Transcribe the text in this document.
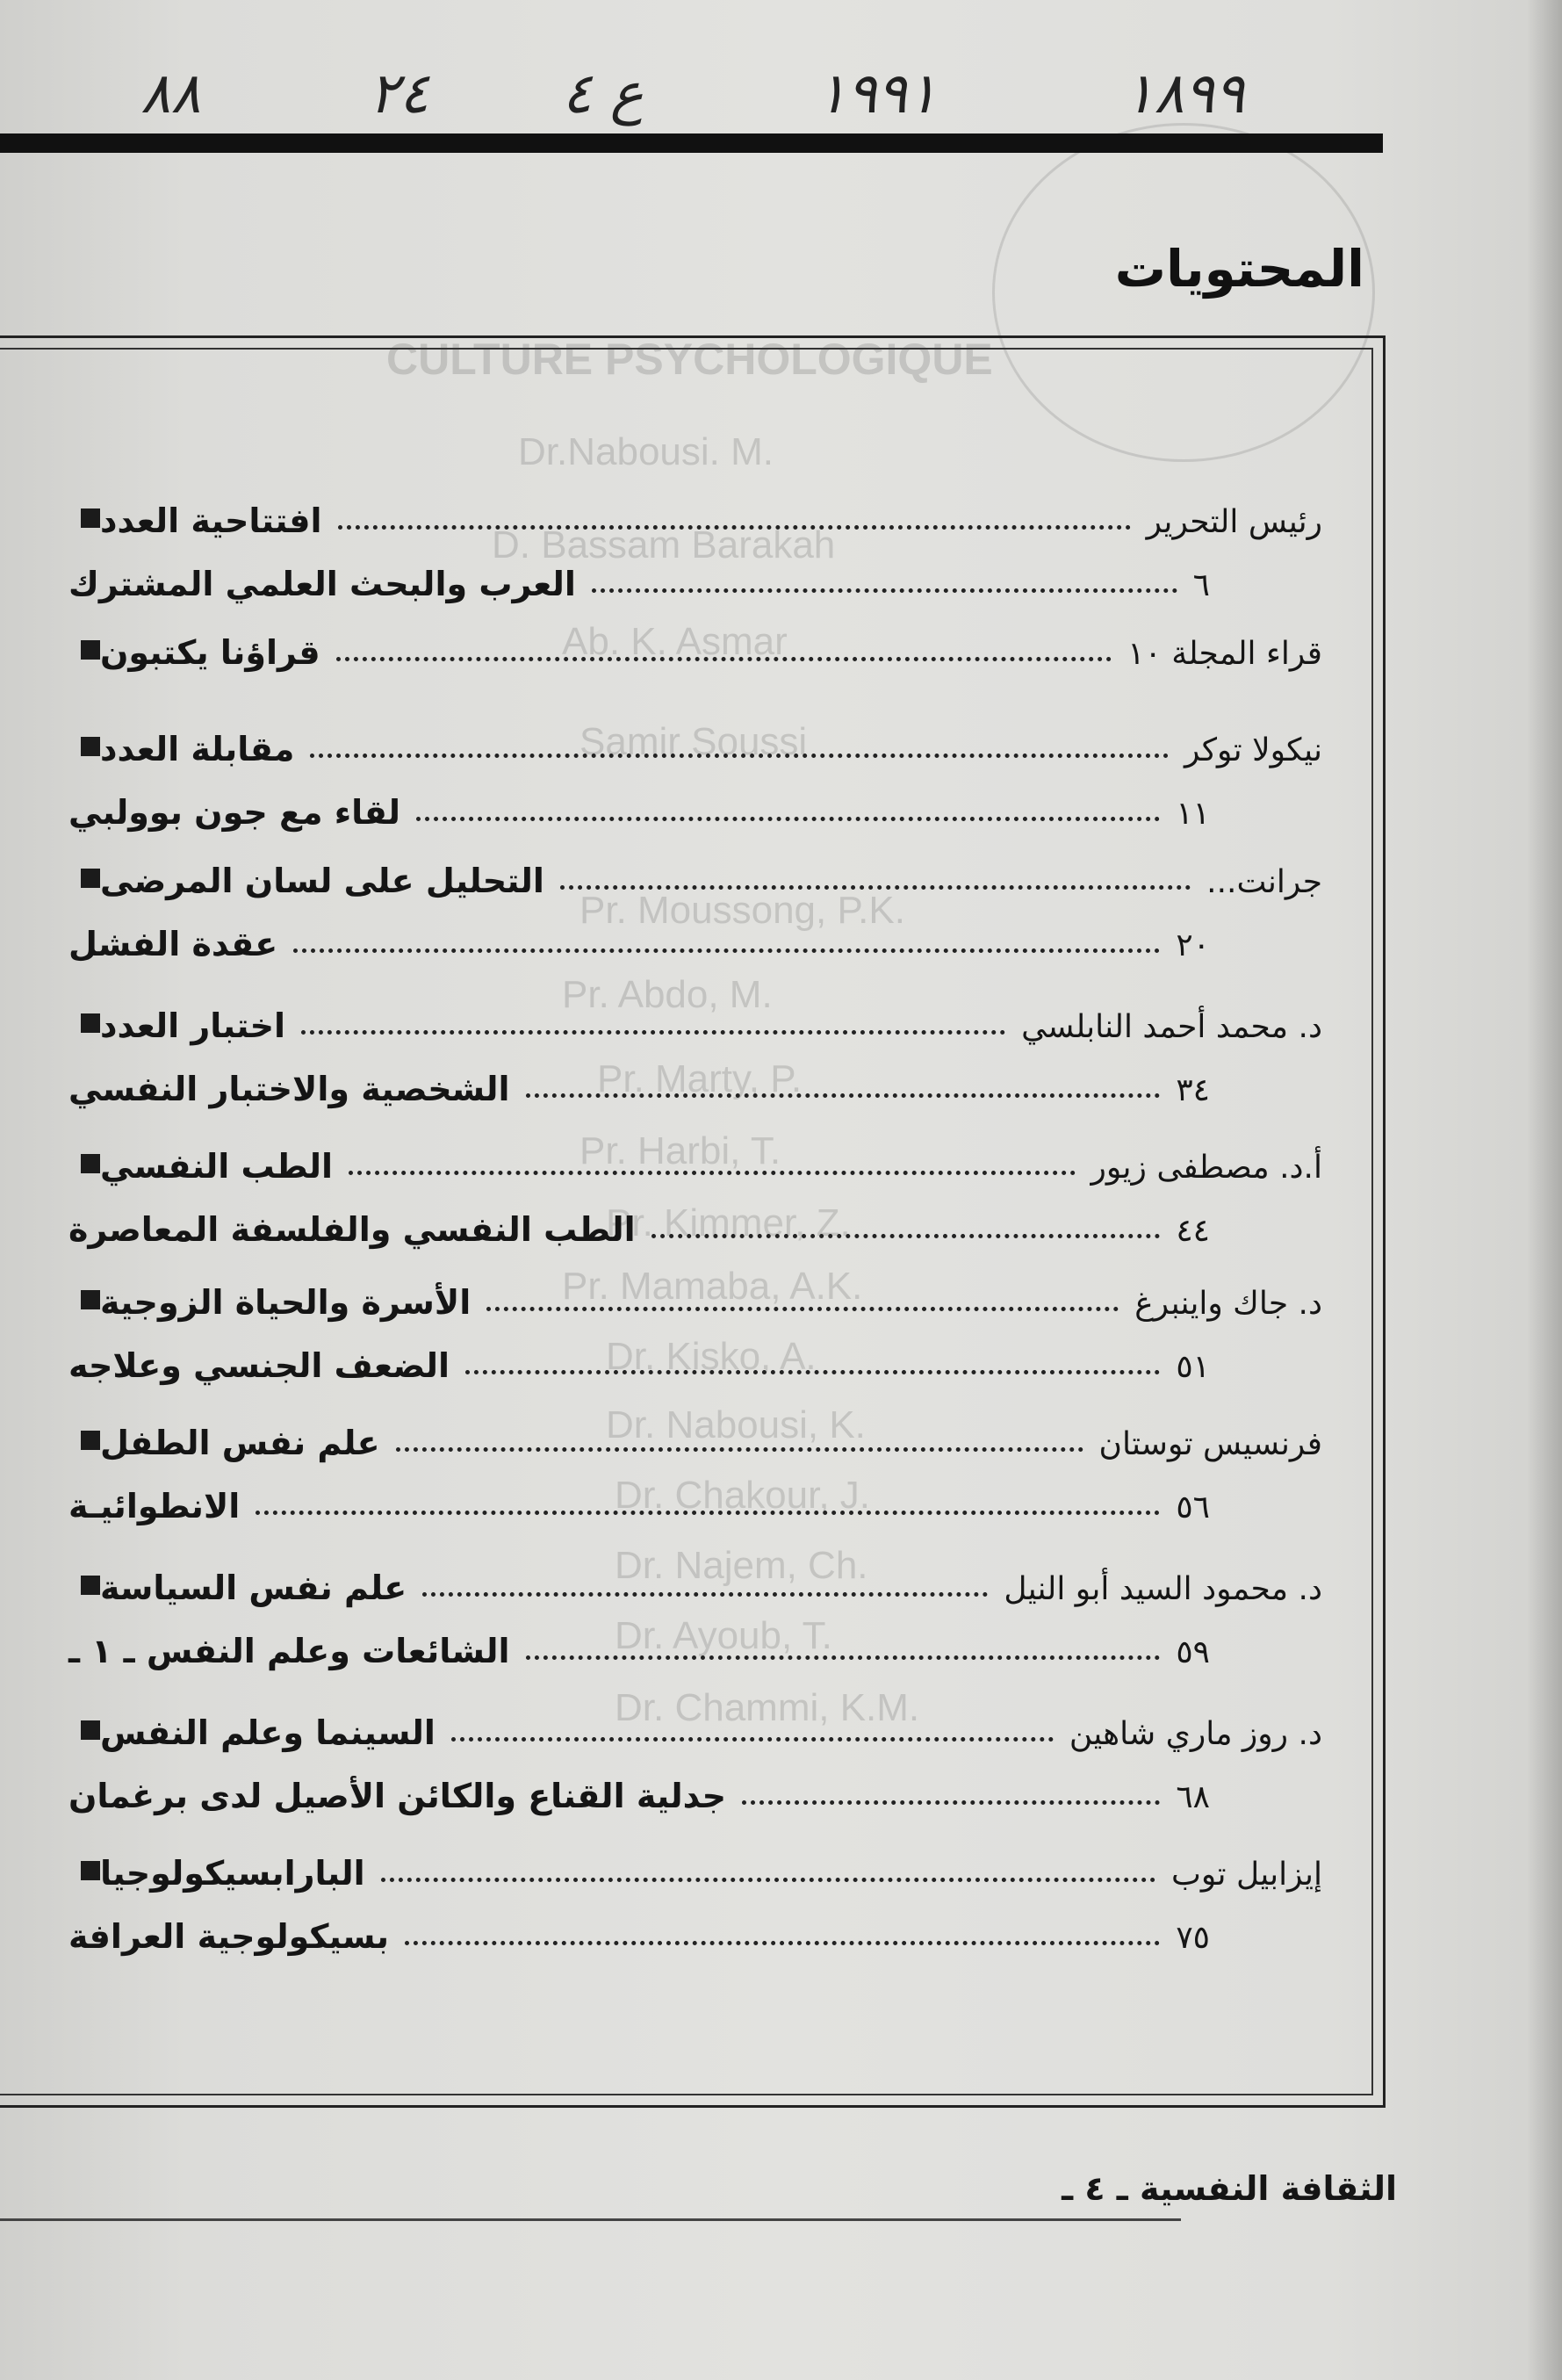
CULTURE PSYCHOLOGIQUE
Dr.Nabousi. M.
D. Bassam Barakah
Ab. K. Asmar
Samir Soussi
Pr. Moussong, P.K.
Pr. Abdo, M.
Pr. Marty, P.
Pr. Harbi, T.
Pr. Kimmer, Z.
Pr. Mamaba, A.K.
Dr. Kisko, A.
Dr. Nabousi, K.
Dr. Chakour, J.
Dr. Najem, Ch.
Dr. Ayoub, T.
Dr. Chammi, K.M.
٨٨	٢٤ ع ٤	١٩٩١	١٨٩٩
المحتويات
افتتاحية العدد	رئيس التحرير
العرب والبحث العلمي المشترك	٦
قراؤنا يكتبون	قراء المجلة ١٠
مقابلة العدد	نيكولا توكر
لقاء مع جون بوولبي	١١
التحليل على لسان المرضى	جرانت...
عقدة الفشل	٢٠
اختبار العدد	د. محمد أحمد النابلسي
الشخصية والاختبار النفسي	٣٤
الطب النفسي	أ.د. مصطفى زيور
الطب النفسي والفلسفة المعاصرة	٤٤
الأسرة والحياة الزوجية	د. جاك واينبرغ
الضعف الجنسي وعلاجه	٥١
علم نفس الطفل	فرنسيس توستان
الانطوائيـة	٥٦
علم نفس السياسة	د. محمود السيد أبو النيل
الشائعات وعلم النفس ـ ١ ـ	٥٩
السينما وعلم النفس	د. روز ماري شاهين
جدلية القناع والكائن الأصيل لدى برغمان	٦٨
البارابسيكولوجيا	إيزابيل توب
بسيكولوجية العرافة	٧٥
الثقافة النفسية ـ ٤ ـ
